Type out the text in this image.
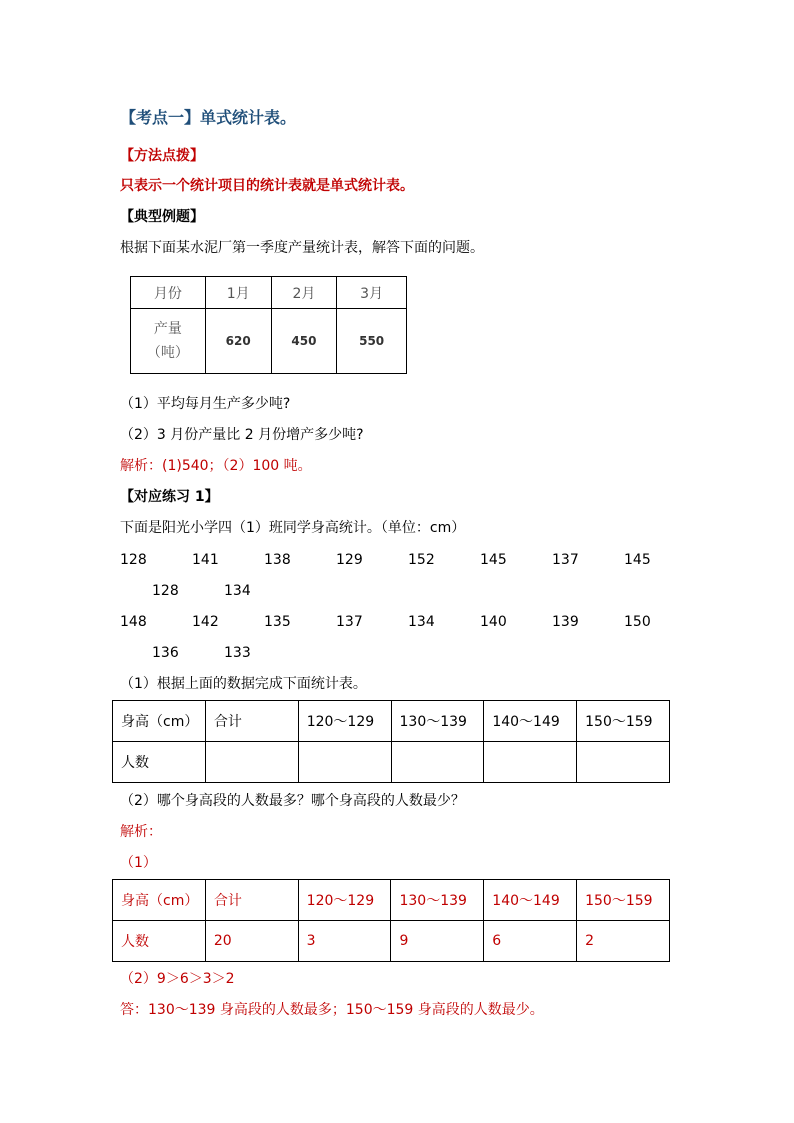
【考点一】单式统计表。
【方法点拨】
只表示一个统计项目的统计表就是单式统计表。
【典型例题】
根据下面某水泥厂第一季度产量统计表，解答下面的问题。
月份	1月	2月	3月

产量
（吨）	620	450	550
（1）平均每月生产多少吨?
（2）3 月份产量比 2 月份增产多少吨?
解析：(1)540；（2）100 吨。
【对应练习 1】
下面是阳光小学四（1）班同学身高统计。（单位：cm）
128	141	138	129	152	145	137	145
128	134
148	142	135	137	134	140	139	150
136	133
（1）根据上面的数据完成下面统计表。
身高（cm）	合计	120～129	130～139	140～149	150～159
人数					
（2）哪个身高段的人数最多？哪个身高段的人数最少？
解析：
（1）
身高（cm）	合计	120～129	130～139	140～149	150～159
人数	20	3	9	6	2
（2）9＞6＞3＞2
答：130～139 身高段的人数最多；150～159 身高段的人数最少。
